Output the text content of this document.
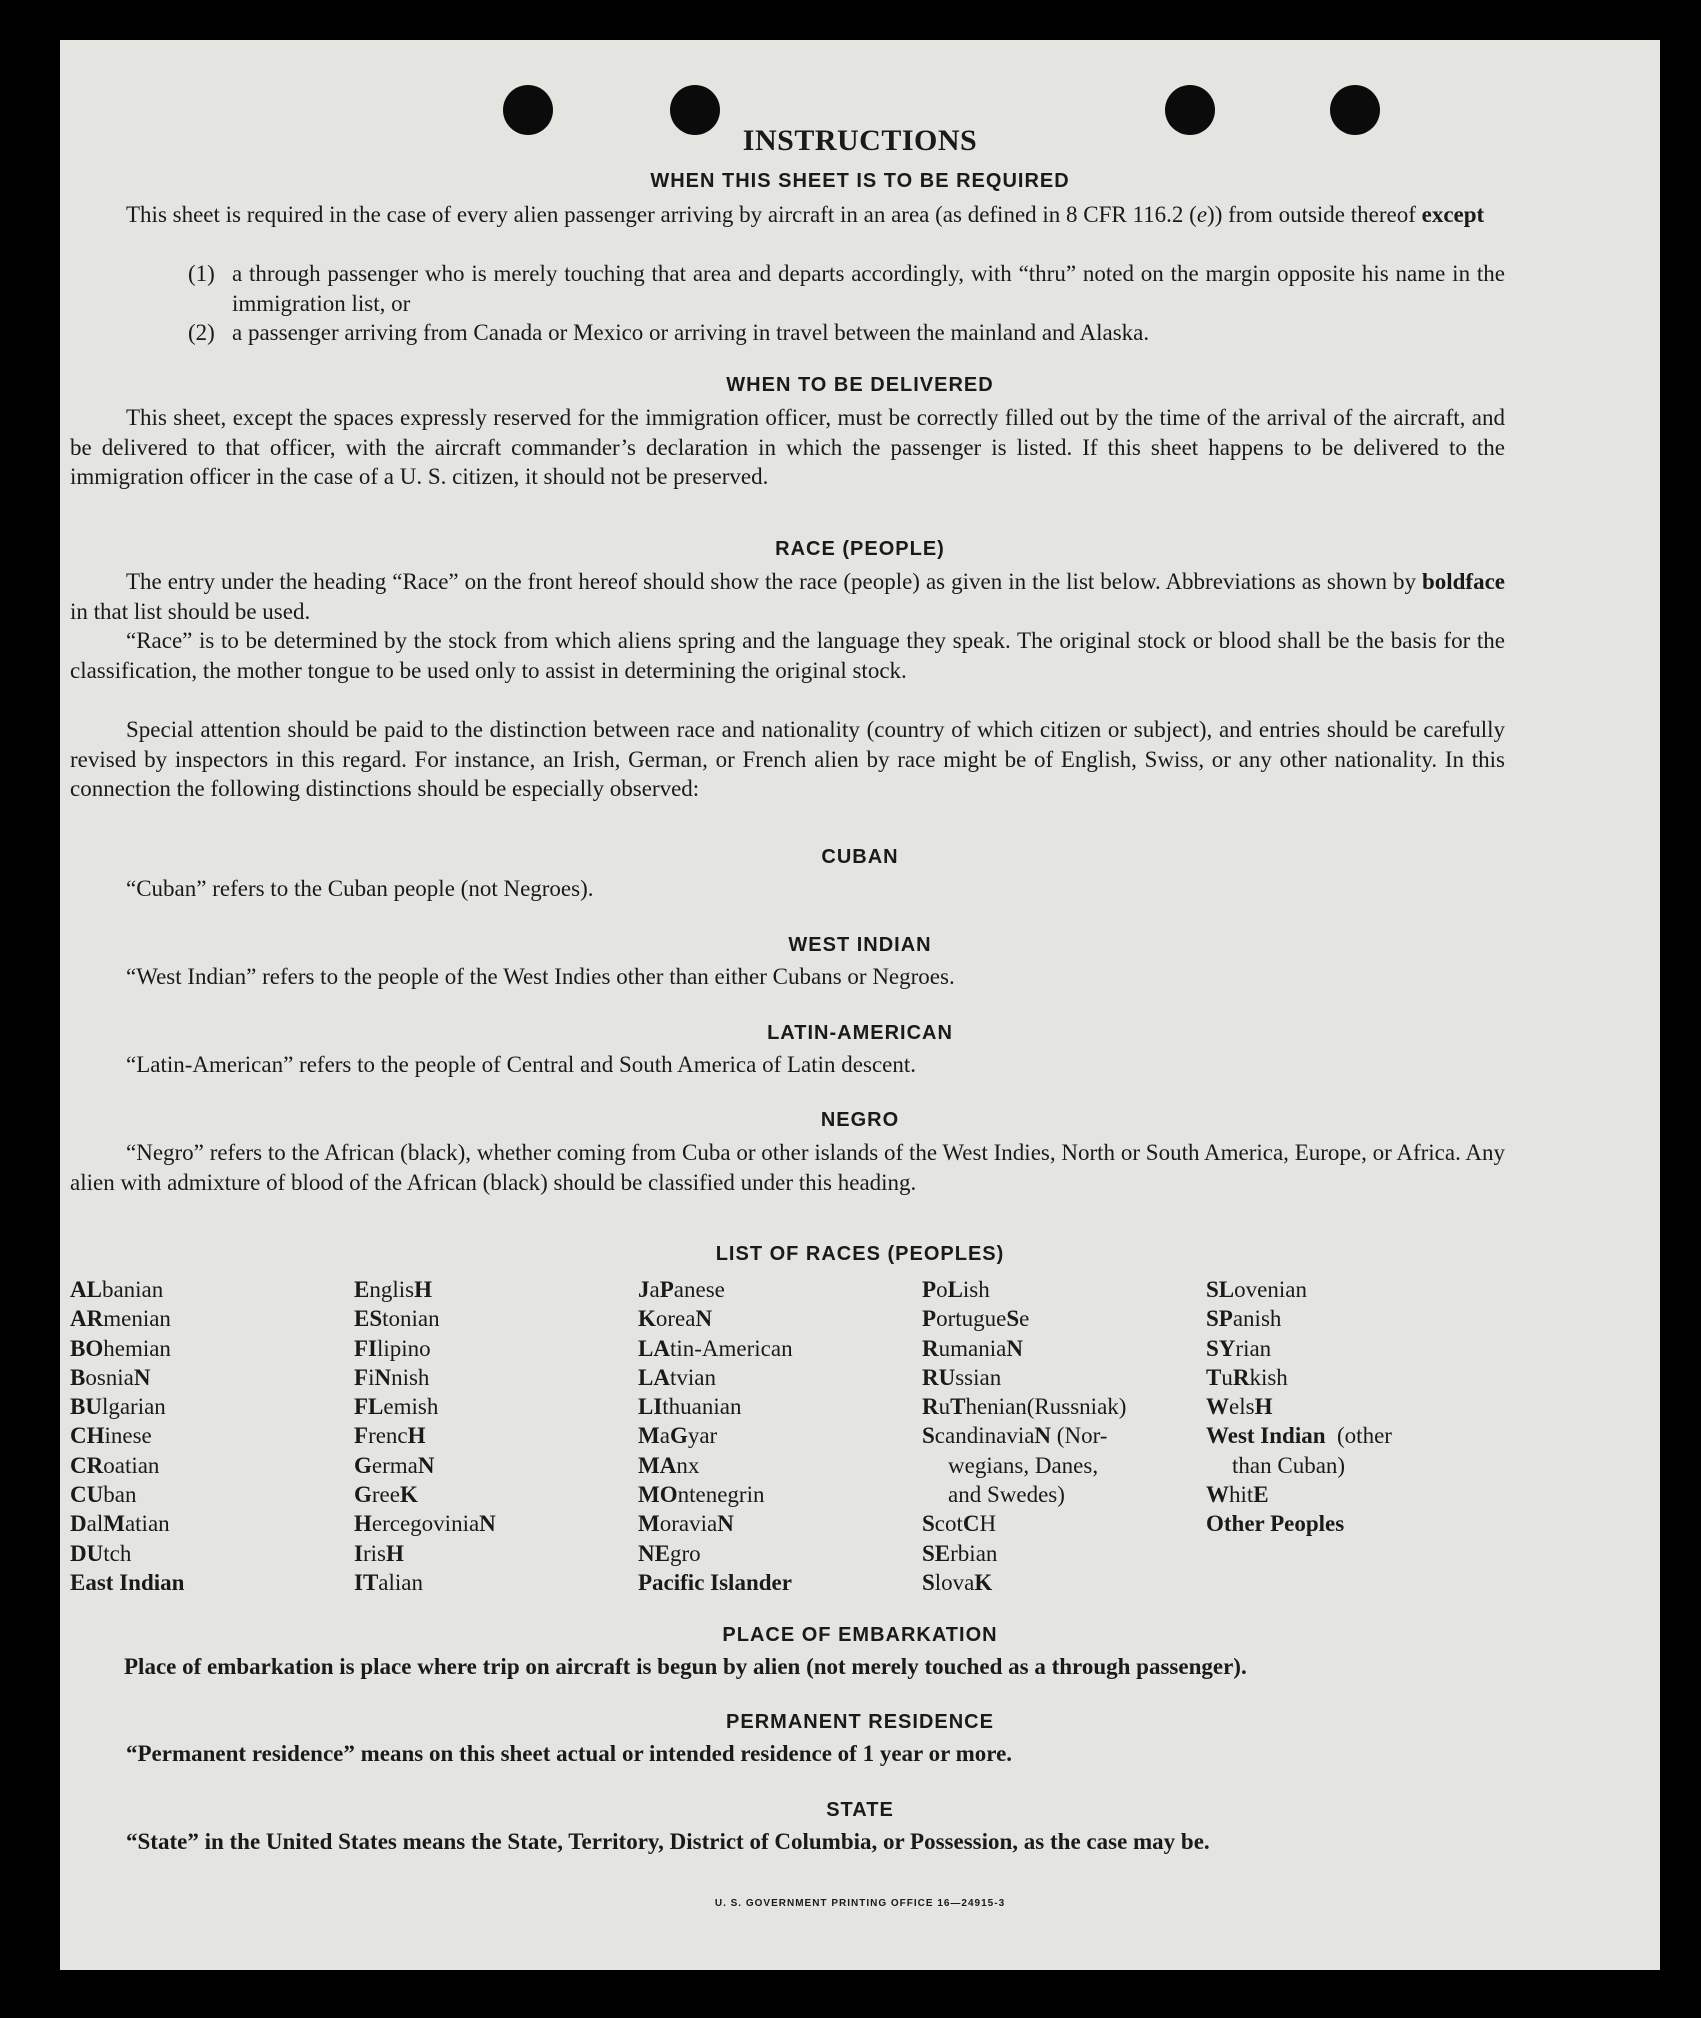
INSTRUCTIONS
WHEN THIS SHEET IS TO BE REQUIRED
This sheet is required in the case of every alien passenger arriving by aircraft in an area (as defined in 8 CFR 116.2 (e)) from outside thereof except
(1) a through passenger who is merely touching that area and departs accordingly, with “thru” noted on the margin opposite his name in the immigration list, or
(2) a passenger arriving from Canada or Mexico or arriving in travel between the mainland and Alaska.
WHEN TO BE DELIVERED
This sheet, except the spaces expressly reserved for the immigration officer, must be correctly filled out by the time of the arrival of the aircraft, and be delivered to that officer, with the aircraft commander’s declaration in which the passenger is listed. If this sheet happens to be delivered to the immigration officer in the case of a U. S. citizen, it should not be preserved.
RACE (PEOPLE)
The entry under the heading “Race” on the front hereof should show the race (people) as given in the list below. Abbreviations as shown by boldface in that list should be used.
“Race” is to be determined by the stock from which aliens spring and the language they speak. The original stock or blood shall be the basis for the classification, the mother tongue to be used only to assist in determining the original stock.
Special attention should be paid to the distinction between race and nationality (country of which citizen or subject), and entries should be carefully revised by inspectors in this regard. For instance, an Irish, German, or French alien by race might be of English, Swiss, or any other nationality. In this connection the following distinctions should be especially observed:
CUBAN
“Cuban” refers to the Cuban people (not Negroes).
WEST INDIAN
“West Indian” refers to the people of the West Indies other than either Cubans or Negroes.
LATIN-AMERICAN
“Latin-American” refers to the people of Central and South America of Latin descent.
NEGRO
“Negro” refers to the African (black), whether coming from Cuba or other islands of the West Indies, North or South America, Europe, or Africa. Any alien with admixture of blood of the African (black) should be classified under this heading.
LIST OF RACES (PEOPLES)
ALbanian
ARmenian
BOhemian
BosniaN
BUlgarian
CHinese
CRoatian
CUban
DalMatian
DUtch
East Indian
EnglisH
EStonian
FIlipino
FiNnish
FLemish
FrencH
GermaN
GreeK
HercegoviniaN
IrisH
ITalian
JaPanese
KoreaN
LAtin-American
LAtvian
LIthuanian
MaGyar
MAnx
MOntenegrin
MoraviaN
NEgro
Pacific Islander
PoLish
PortugueSe
RumaniaN
RUssian
RuThenian(Russniak)
ScandinaviaN (Nor-
wegians, Danes,
and Swedes)
ScotCH
SErbian
SlovaK
SLovenian
SPanish
SYrian
TuRkish
WelsH
West Indian  (other
than Cuban)
WhitE
Other Peoples
PLACE OF EMBARKATION
Place of embarkation is place where trip on aircraft is begun by alien (not merely touched as a through passenger).
PERMANENT RESIDENCE
“Permanent residence” means on this sheet actual or intended residence of 1 year or more.
STATE
“State” in the United States means the State, Territory, District of Columbia, or Possession, as the case may be.
U. S. GOVERNMENT PRINTING OFFICE 16—24915-3
